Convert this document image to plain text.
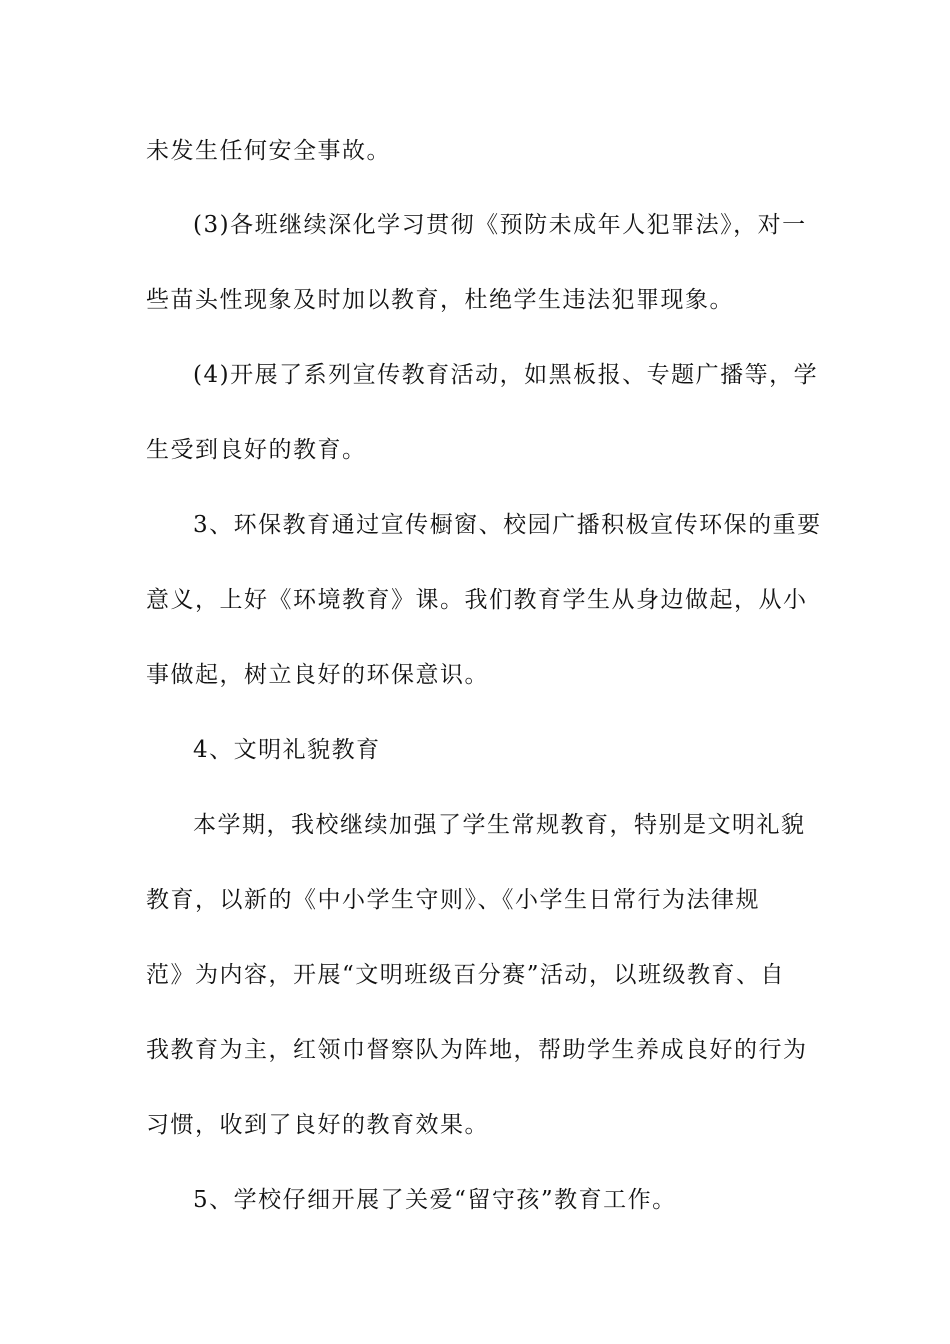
未发生任何安全事故。
(3)各班继续深化学习贯彻《预防未成年人犯罪法》，对一
些苗头性现象及时加以教育，杜绝学生违法犯罪现象。
(4)开展了系列宣传教育活动，如黑板报、专题广播等，学
生受到良好的教育。
3、环保教育通过宣传橱窗、校园广播积极宣传环保的重要
意义，上好《环境教育》课。我们教育学生从身边做起，从小
事做起，树立良好的环保意识。
4、文明礼貌教育
本学期，我校继续加强了学生常规教育，特别是文明礼貌
教育，以新的《中小学生守则》、《小学生日常行为法律规
范》为内容，开展“文明班级百分赛”活动，以班级教育、自
我教育为主，红领巾督察队为阵地，帮助学生养成良好的行为
习惯，收到了良好的教育效果。
5、学校仔细开展了关爱“留守孩”教育工作。
